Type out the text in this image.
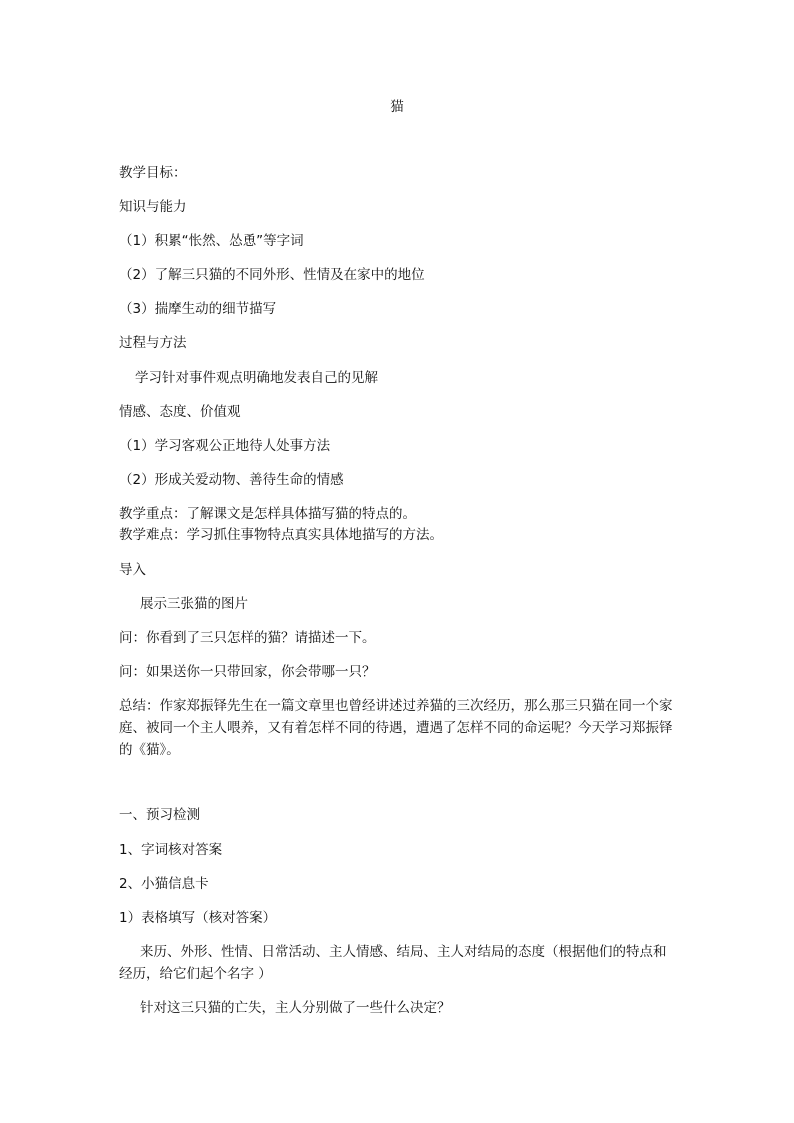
猫
教学目标：
知识与能力
（1）积累“怅然、怂恿”等字词
（2）了解三只猫的不同外形、性情及在家中的地位
（3）揣摩生动的细节描写
过程与方法
学习针对事件观点明确地发表自己的见解
情感、态度、价值观
（1）学习客观公正地待人处事方法
（2）形成关爱动物、善待生命的情感
教学重点：了解课文是怎样具体描写猫的特点的。
教学难点：学习抓住事物特点真实具体地描写的方法。
导入
展示三张猫的图片
问：你看到了三只怎样的猫？请描述一下。
问：如果送你一只带回家，你会带哪一只？
总结：作家郑振铎先生在一篇文章里也曾经讲述过养猫的三次经历，那么那三只猫在同一个家庭、被同一个主人喂养，又有着怎样不同的待遇，遭遇了怎样不同的命运呢？今天学习郑振铎的《猫》。
一、预习检测
1、字词核对答案
2、小猫信息卡
1）表格填写（核对答案）
来历、外形、性情、日常活动、主人情感、结局、主人对结局的态度（根据他们的特点和经历，给它们起个名字 ）
针对这三只猫的亡失，主人分别做了一些什么决定？
